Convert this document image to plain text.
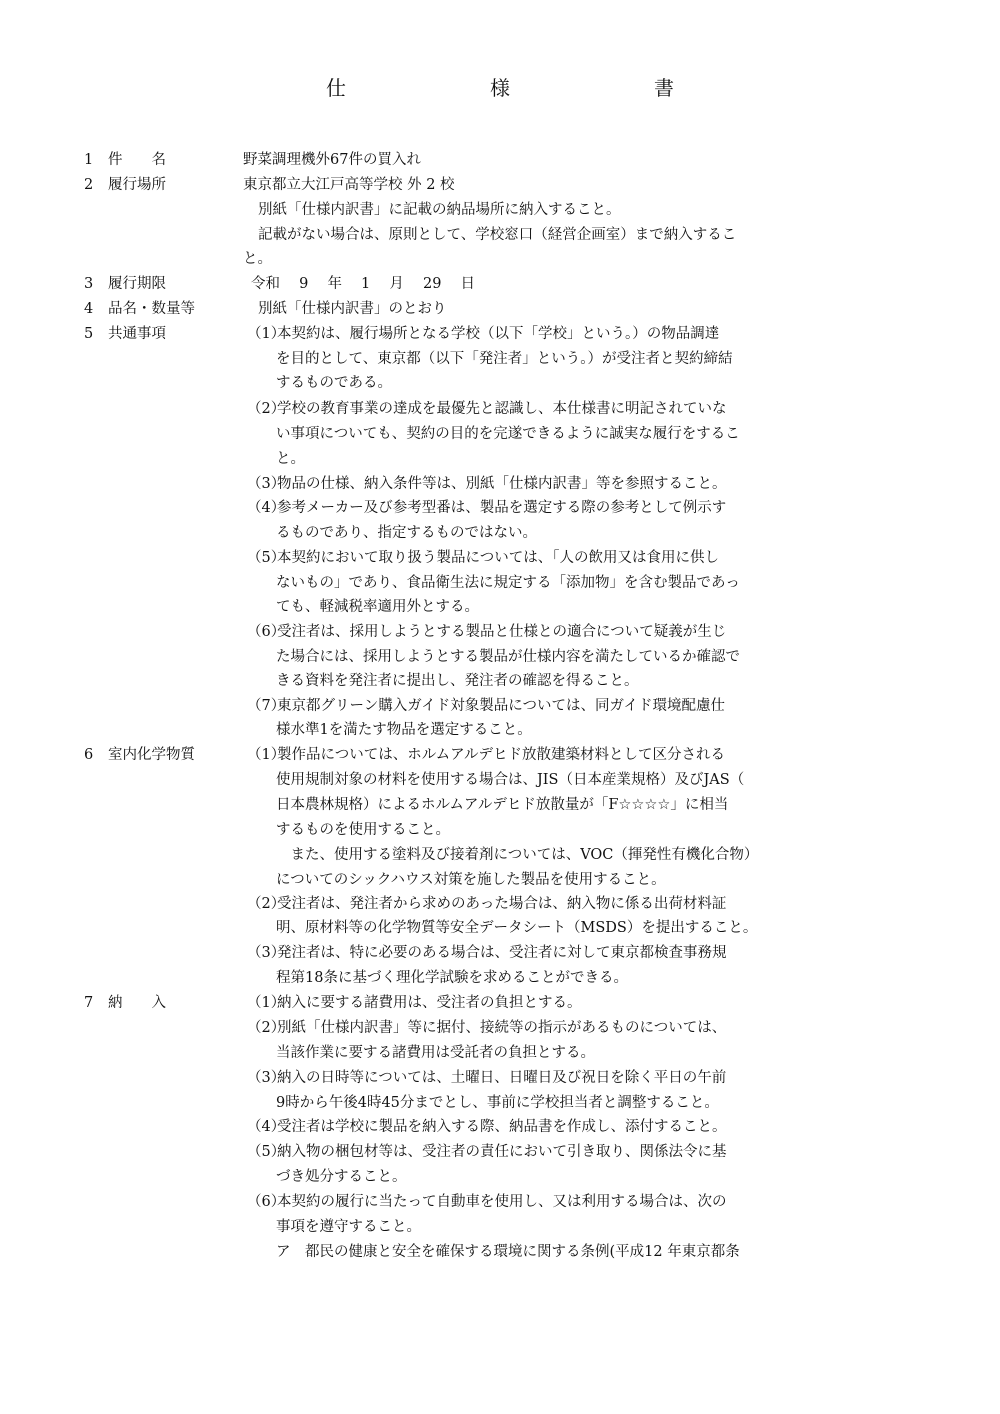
仕　様　書
1 件　　名	野菜調理機外67件の買入れ
2 履行場所	東京都立大江戸高等学校 外 2 校
別紙「仕様内訳書」に記載の納品場所に納入すること。
記載がない場合は、原則として、学校窓口（経営企画室）まで納入するこ
と。
3 履行期限	令和　 9　 年　 1　 月　 29　 日
4 品名・数量等	別紙「仕様内訳書」のとおり
5 共通事項	（1）本契約は、履行場所となる学校（以下「学校」という。）の物品調達
を目的として、東京都（以下「発注者」という。）が受注者と契約締結
するものである。
（2）学校の教育事業の達成を最優先と認識し、本仕様書に明記されていな
い事項についても、契約の目的を完遂できるように誠実な履行をするこ
と。
（3）物品の仕様、納入条件等は、別紙「仕様内訳書」等を参照すること。
（4）参考メーカー及び参考型番は、製品を選定する際の参考として例示す
るものであり、指定するものではない。
（5）本契約において取り扱う製品については、「人の飲用又は食用に供し
ないもの」であり、食品衛生法に規定する「添加物」を含む製品であっ
ても、軽減税率適用外とする。
（6）受注者は、採用しようとする製品と仕様との適合について疑義が生じ
た場合には、採用しようとする製品が仕様内容を満たしているか確認で
きる資料を発注者に提出し、発注者の確認を得ること。
（7）東京都グリーン購入ガイド対象製品については、同ガイド環境配慮仕
様水準1を満たす物品を選定すること。
6 室内化学物質	（1）製作品については、ホルムアルデヒド放散建築材料として区分される
使用規制対象の材料を使用する場合は、JIS（日本産業規格）及びJAS（
日本農林規格）によるホルムアルデヒド放散量が「F☆☆☆☆」に相当
するものを使用すること。
　また、使用する塗料及び接着剤については、VOC（揮発性有機化合物）
についてのシックハウス対策を施した製品を使用すること。
（2）受注者は、発注者から求めのあった場合は、納入物に係る出荷材料証
明、原材料等の化学物質等安全データシート（MSDS）を提出すること。
（3）発注者は、特に必要のある場合は、受注者に対して東京都検査事務規
程第18条に基づく理化学試験を求めることができる。
7 納　　入	（1）納入に要する諸費用は、受注者の負担とする。
（2）別紙「仕様内訳書」等に据付、接続等の指示があるものについては、
当該作業に要する諸費用は受託者の負担とする。
（3）納入の日時等については、土曜日、日曜日及び祝日を除く平日の午前
9時から午後4時45分までとし、事前に学校担当者と調整すること。
（4）受注者は学校に製品を納入する際、納品書を作成し、添付すること。
（5）納入物の梱包材等は、受注者の責任において引き取り、関係法令に基
づき処分すること。
（6）本契約の履行に当たって自動車を使用し、又は利用する場合は、次の
事項を遵守すること。
ア　都民の健康と安全を確保する環境に関する条例(平成12 年東京都条
